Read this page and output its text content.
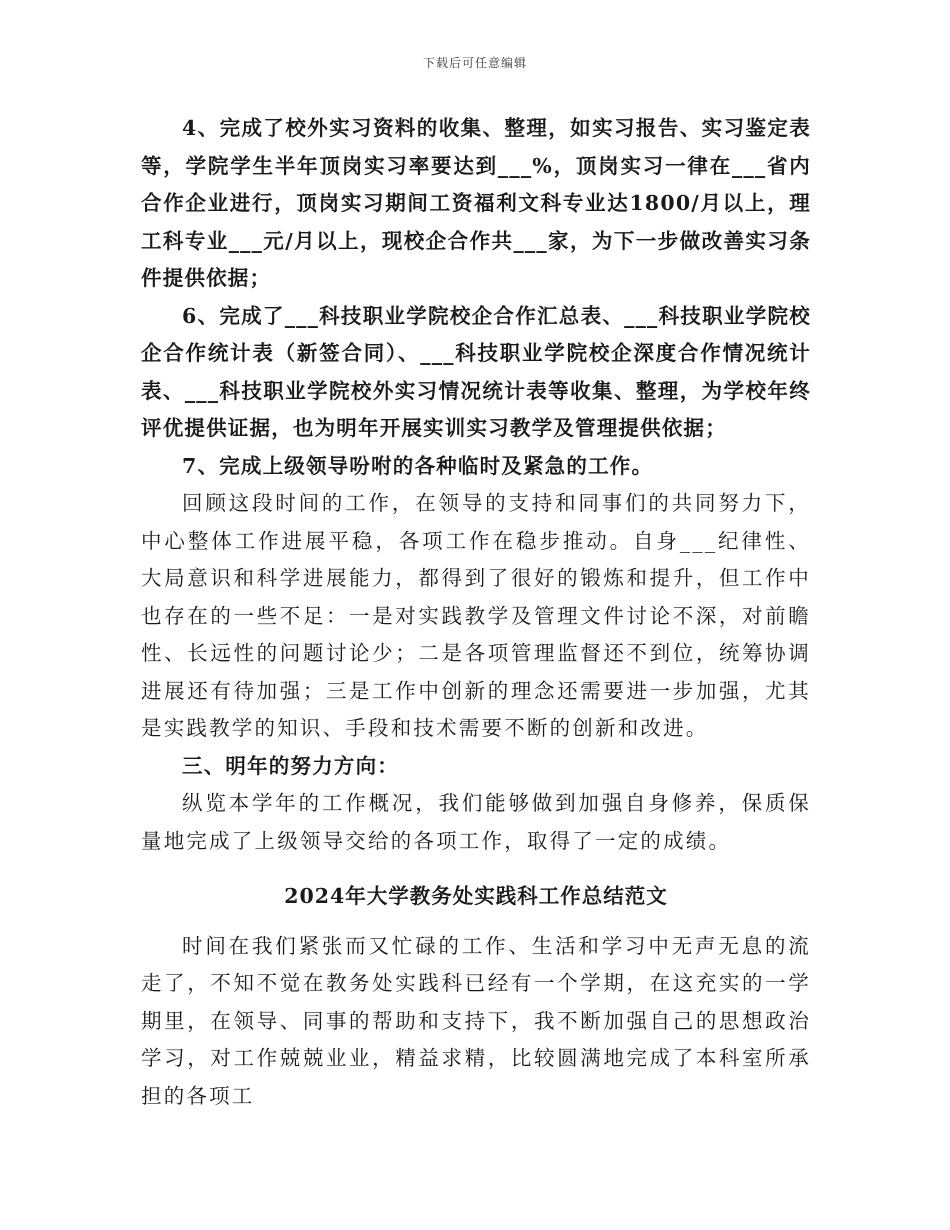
下载后可任意编辑

4、完成了校外实习资料的收集、整理，如实习报告、实习鉴定表等，学院学生半年顶岗实习率要达到___%，顶岗实习一律在___省内合作企业进行，顶岗实习期间工资福利文科专业达1800/月以上，理工科专业___元/月以上，现校企合作共___家，为下一步做改善实习条件提供依据；

6、完成了___科技职业学院校企合作汇总表、___科技职业学院校企合作统计表（新签合同）、___科技职业学院校企深度合作情况统计表、___科技职业学院校外实习情况统计表等收集、整理，为学校年终评优提供证据，也为明年开展实训实习教学及管理提供依据；

7、完成上级领导吩咐的各种临时及紧急的工作。

回顾这段时间的工作，在领导的支持和同事们的共同努力下，中心整体工作进展平稳，各项工作在稳步推动。自身___纪律性、大局意识和科学进展能力，都得到了很好的锻炼和提升，但工作中也存在的一些不足：一是对实践教学及管理文件讨论不深，对前瞻性、长远性的问题讨论少；二是各项管理监督还不到位，统筹协调进展还有待加强；三是工作中创新的理念还需要进一步加强，尤其是实践教学的知识、手段和技术需要不断的创新和改进。

三、明年的努力方向：

纵览本学年的工作概况，我们能够做到加强自身修养，保质保量地完成了上级领导交给的各项工作，取得了一定的成绩。

2024年大学教务处实践科工作总结范文

时间在我们紧张而又忙碌的工作、生活和学习中无声无息的流走了，不知不觉在教务处实践科已经有一个学期，在这充实的一学期里，在领导、同事的帮助和支持下，我不断加强自己的思想政治学习，对工作兢兢业业，精益求精，比较圆满地完成了本科室所承担的各项工
